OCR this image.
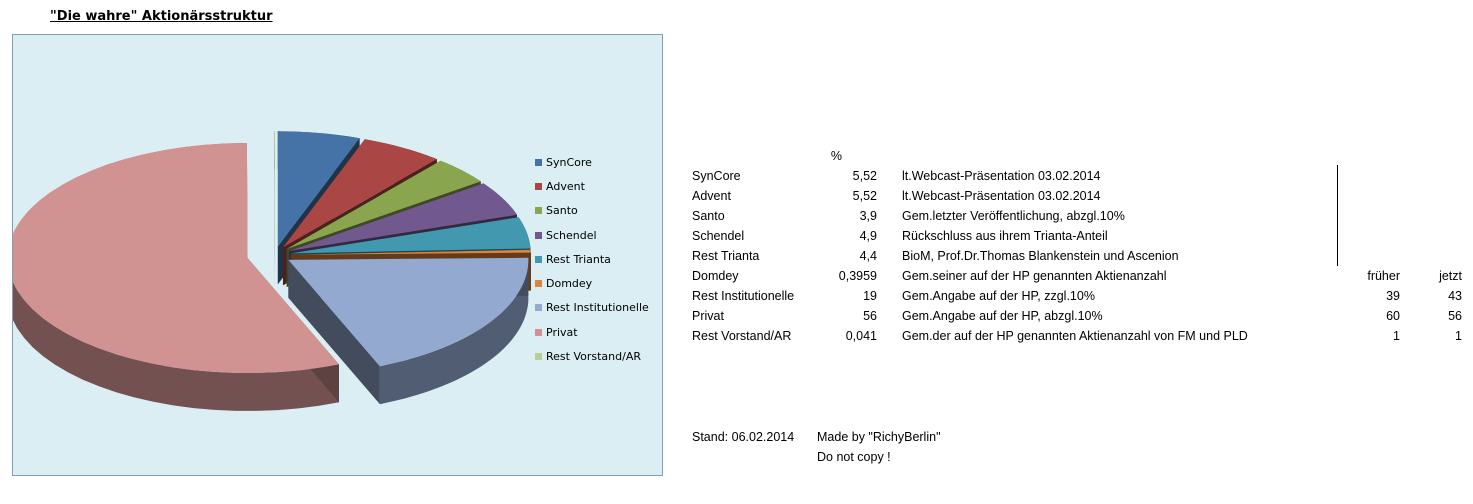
"Die wahre" Aktionärsstruktur
SynCore
Advent
Santo
Schendel
Rest Trianta
Domdey
Rest Institutionelle
Privat
Rest Vorstand/AR
%
SynCore	5,52 lt.Webcast-Präsentation 03.02.2014
Advent	5,52 lt.Webcast-Präsentation 03.02.2014
Santo	3,9 Gem.letzter Veröffentlichung, abzgl.10%
Schendel	4,9 Rückschluss aus ihrem Trianta-Anteil
Rest Trianta	4,4 BioM, Prof.Dr.Thomas Blankenstein und Ascenion
Domdey	0,3959 Gem.seiner auf der HP genannten Aktienanzahl	früher	jetzt
Rest Institutionelle	19 Gem.Angabe auf der HP, zzgl.10%	39	43
Privat	56 Gem.Angabe auf der HP, abzgl.10%	60	56
Rest Vorstand/AR	0,041 Gem.der auf der HP genannten Aktienanzahl von FM und PLD	1	1
Stand: 06.02.2014 Made by "RichyBerlin"
Do not copy !
